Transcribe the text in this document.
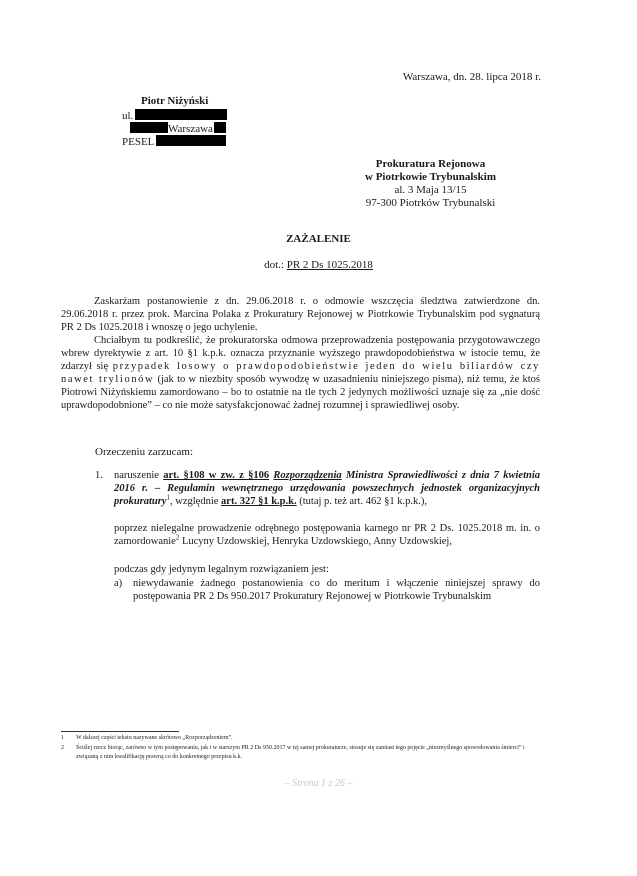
Warszawa, dn. 28. lipca 2018 r.
Piotr Niżyński
ul.
Warszawa
PESEL
Prokuratura Rejonowa
w Piotrkowie Trybunalskim
al. 3 Maja 13/15
97-300 Piotrków Trybunalski
ZAŻALENIE
dot.: PR 2 Ds 1025.2018
Zaskarżam postanowienie z dn. 29.06.2018 r. o odmowie wszczęcia śledztwa zatwierdzone dn. 29.06.2018 r. przez prok. Marcina Polaka z Prokuratury Rejonowej w Piotrkowie Trybunalskim pod sygnaturą PR 2 Ds 1025.2018 i wnoszę o jego uchylenie.
Chciałbym tu podkreślić, że prokuratorska odmowa przeprowadzenia postępowania przygotowawczego wbrew dyrektywie z art. 10 §1 k.p.k. oznacza przyznanie wyższego prawdopodobieństwa w istocie temu, że zdarzył się przypadek losowy o prawdopodobieństwie jeden do wielu biliardów czy nawet trylionów (jak to w niezbity sposób wywodzę w uzasadnieniu niniejszego pisma), niż temu, że ktoś Piotrowi Niżyńskiemu zamordowano – bo to ostatnie na tle tych 2 jedynych możliwości uznaje się za „nie dość uprawdopodobnione” – co nie może satysfakcjonować żadnej rozumnej i sprawiedliwej osoby.
Orzeczeniu zarzucam:
1. naruszenie art. §108 w zw. z §106 Rozporządzenia Ministra Sprawiedliwości z dnia 7 kwietnia 2016 r. – Regulamin wewnętrznego urzędowania powszechnych jednostek organizacyjnych prokuratury$^1$, względnie art. 327 §1 k.p.k. (tutaj p. też art. 462 §1 k.p.k.),
poprzez nielegalne prowadzenie odrębnego postępowania karnego nr PR 2 Ds. 1025.2018 m. in. o zamordowanie$^2$ Lucyny Uzdowskiej, Henryka Uzdowskiego, Anny Uzdowskiej,
podczas gdy jedynym legalnym rozwiązaniem jest:
a) niewydawanie żadnego postanowienia co do meritum i włączenie niniejszej sprawy do postępowania PR 2 Ds 950.2017 Prokuratury Rejonowej w Piotrkowie Trybunalskim
1 W dalszej części tekstu nazywane skrótowo „Rozporządzeniem”.
2 Ściślej rzecz biorąc, zarówno w tym postępowaniu, jak i w starszym PR 2 Ds 950.2017 w tej samej prokuraturze, stosuje się zamiast tego pojęcie „niezmyślnego spowodowania śmierci” i związaną z nim kwalifikację prawną co do konkretnego przepisu k.k.
– Strona 1 z 26 –
